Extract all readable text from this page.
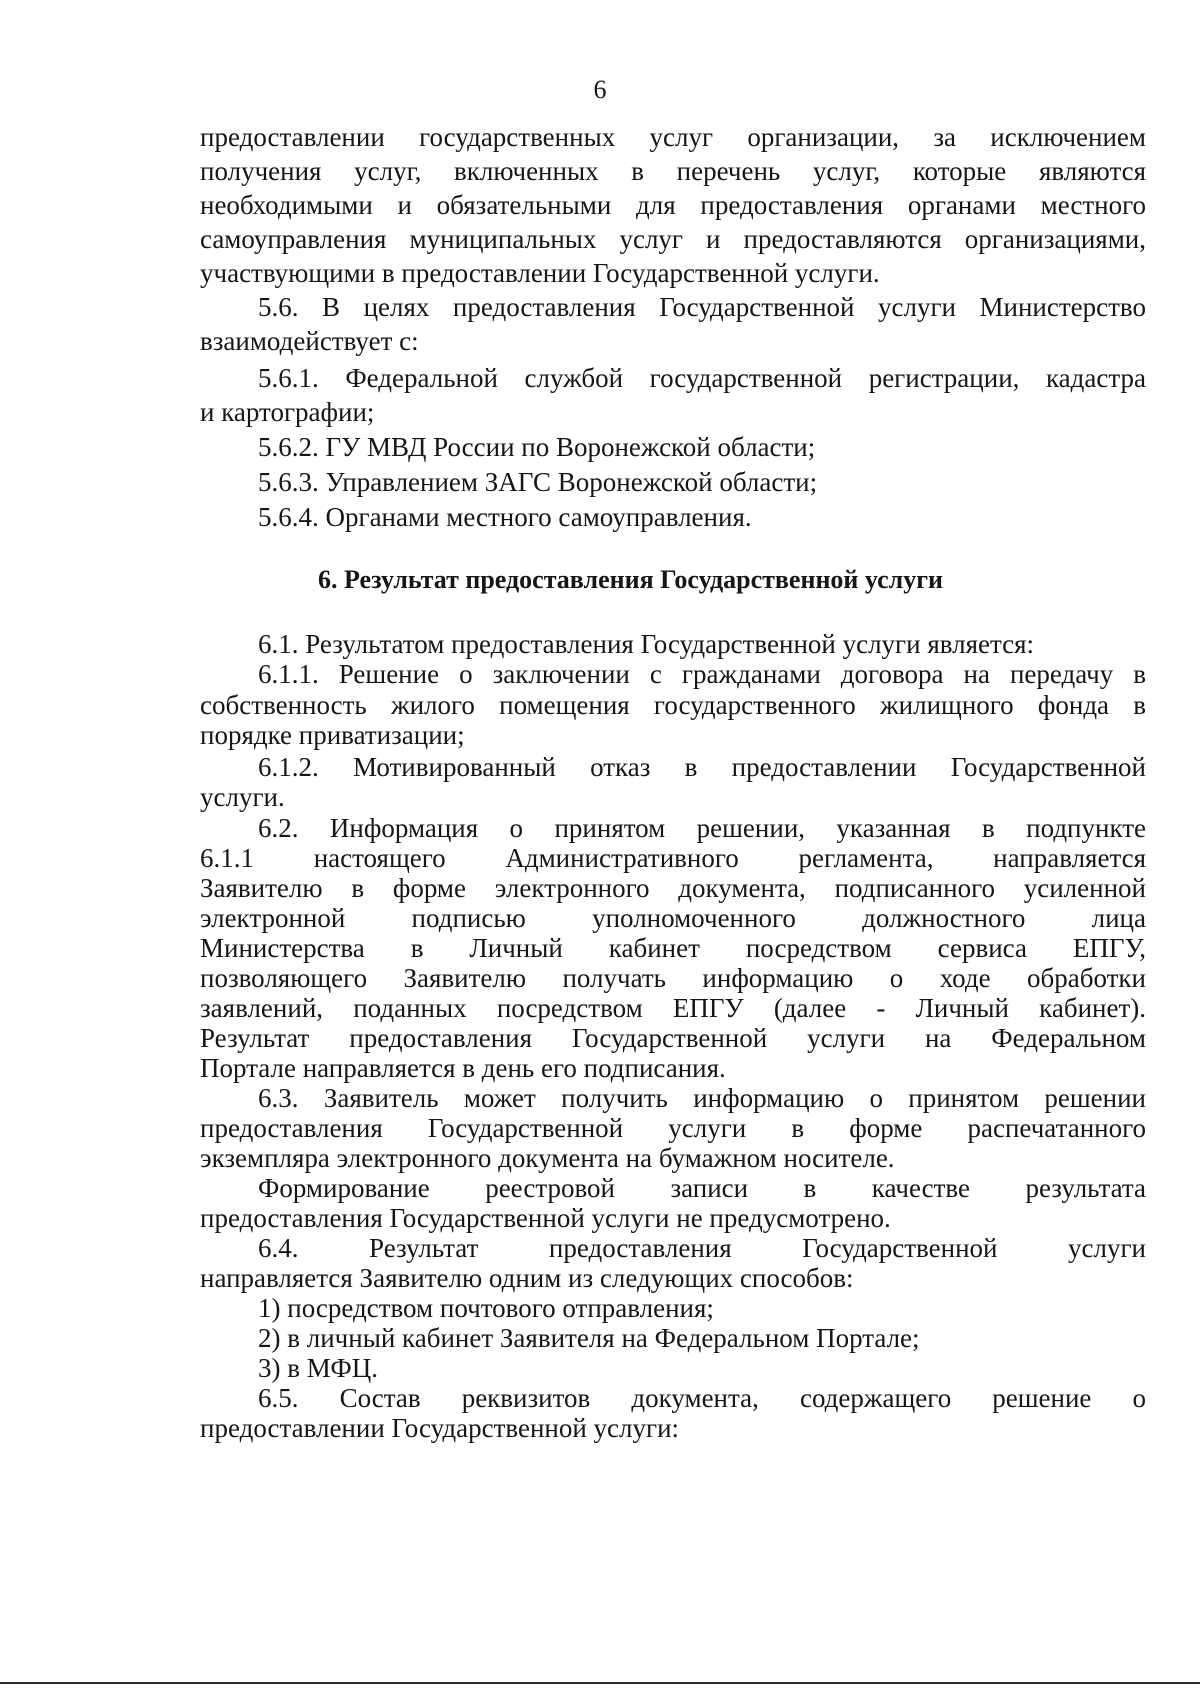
6
предоставлении государственных услуг организации, за исключением
получения услуг, включенных в перечень услуг, которые являются
необходимыми и обязательными для предоставления органами местного
самоуправления муниципальных услуг и предоставляются организациями,
участвующими в предоставлении Государственной услуги.
5.6. В целях предоставления Государственной услуги Министерство
взаимодействует с:
5.6.1. Федеральной службой государственной регистрации, кадастра
и картографии;
5.6.2. ГУ МВД России по Воронежской области;
5.6.3. Управлением ЗАГС Воронежской области;
5.6.4. Органами местного самоуправления.
6. Результат предоставления Государственной услуги
6.1. Результатом предоставления Государственной услуги является:
6.1.1. Решение о заключении с гражданами договора на передачу в
собственность жилого помещения государственного жилищного фонда в
порядке приватизации;
6.1.2. Мотивированный отказ в предоставлении Государственной
услуги.
6.2. Информация о принятом решении, указанная в подпункте
6.1.1 настоящего Административного регламента, направляется
Заявителю в форме электронного документа, подписанного усиленной
электронной подписью уполномоченного должностного лица
Министерства в Личный кабинет посредством сервиса ЕПГУ,
позволяющего Заявителю получать информацию о ходе обработки
заявлений, поданных посредством ЕПГУ (далее - Личный кабинет).
Результат предоставления Государственной услуги на Федеральном
Портале направляется в день его подписания.
6.3. Заявитель может получить информацию о принятом решении
предоставления Государственной услуги в форме распечатанного
экземпляра электронного документа на бумажном носителе.
Формирование реестровой записи в качестве результата
предоставления Государственной услуги не предусмотрено.
6.4. Результат предоставления Государственной услуги
направляется Заявителю одним из следующих способов:
1) посредством почтового отправления;
2) в личный кабинет Заявителя на Федеральном Портале;
3) в МФЦ.
6.5. Состав реквизитов документа, содержащего решение о
предоставлении Государственной услуги:
